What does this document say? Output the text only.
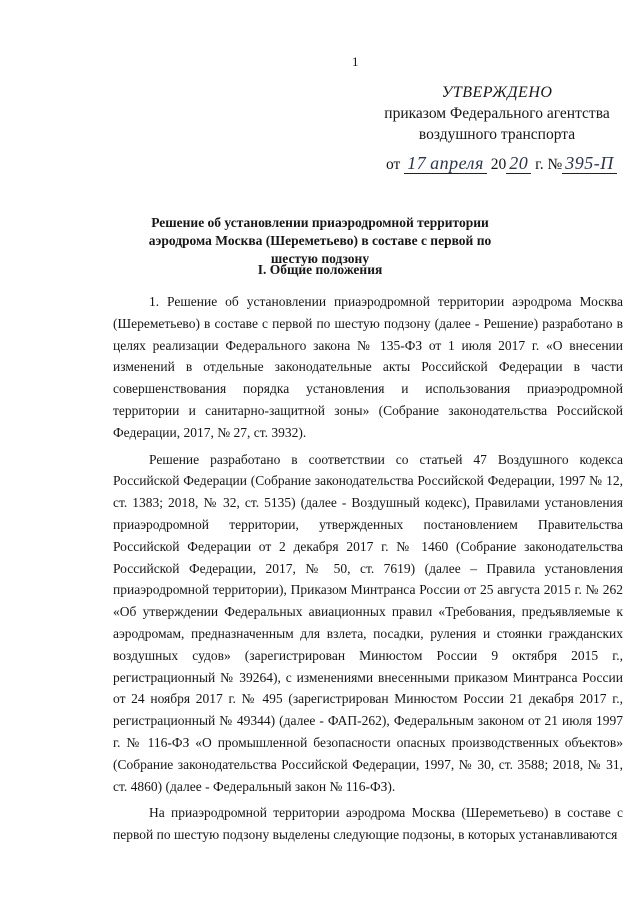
1
УТВЕРЖДЕНО
приказом Федерального агентства
воздушного транспорта
от 17 апреля 20 20 г. № 395-П
Решение об установлении приаэродромной территории аэродрома Москва (Шереметьево) в составе с первой по шестую подзону
I. Общие положения

1. Решение об установлении приаэродромной территории аэродрома Москва (Шереметьево) в составе с первой по шестую подзону (далее - Решение) разработано в целях реализации Федерального закона № 135-ФЗ от 1 июля 2017 г. «О внесении изменений в отдельные законодательные акты Российской Федерации в части совершенствования порядка установления и использования приаэродромной территории и санитарно-защитной зоны» (Собрание законодательства Российской Федерации, 2017, № 27, ст. 3932).

Решение разработано в соответствии со статьей 47 Воздушного кодекса Российской Федерации (Собрание законодательства Российской Федерации, 1997 № 12, ст. 1383; 2018, № 32, ст. 5135) (далее - Воздушный кодекс), Правилами установления приаэродромной территории, утвержденных постановлением Правительства Российской Федерации от 2 декабря 2017 г. № 1460 (Собрание законодательства Российской Федерации, 2017, № 50, ст. 7619) (далее – Правила установления приаэродромной территории), Приказом Минтранса России от 25 августа 2015 г. № 262 «Об утверждении Федеральных авиационных правил «Требования, предъявляемые к аэродромам, предназначенным для взлета, посадки, руления и стоянки гражданских воздушных судов» (зарегистрирован Минюстом России 9 октября 2015 г., регистрационный № 39264), с изменениями внесенными приказом Минтранса России от 24 ноября 2017 г. № 495 (зарегистрирован Минюстом России 21 декабря 2017 г., регистрационный № 49344) (далее - ФАП-262), Федеральным законом от 21 июля 1997 г. № 116-ФЗ «О промышленной безопасности опасных производственных объектов» (Собрание законодательства Российской Федерации, 1997, № 30, ст. 3588; 2018, № 31, ст. 4860) (далее - Федеральный закон № 116-ФЗ).

На приаэродромной территории аэродрома Москва (Шереметьево) в составе с первой по шестую подзону выделены следующие подзоны, в которых устанавливаются
